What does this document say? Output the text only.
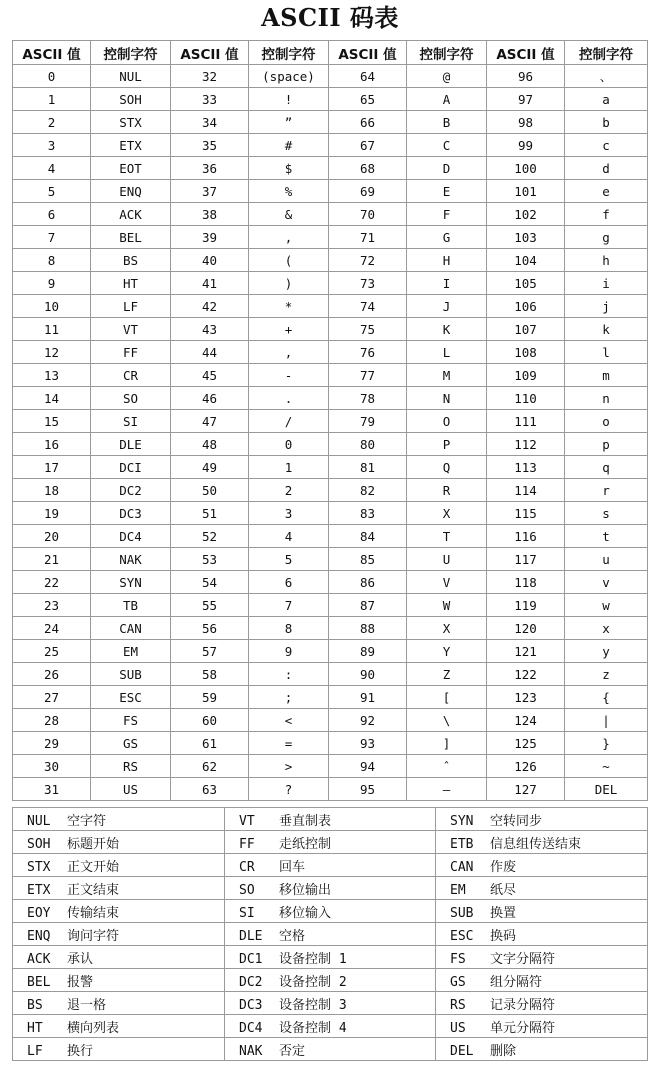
ASCII 码表
ASCII 值	控制字符	ASCII 值	控制字符	ASCII 值	控制字符	ASCII 值	控制字符
0	NUL	32	(space)	64	@	96	、
1	SOH	33	!	65	A	97	a
2	STX	34	”	66	B	98	b
3	ETX	35	#	67	C	99	c
4	EOT	36	$	68	D	100	d
5	ENQ	37	%	69	E	101	e
6	ACK	38	&	70	F	102	f
7	BEL	39	,	71	G	103	g
8	BS	40	(	72	H	104	h
9	HT	41	)	73	I	105	i
10	LF	42	*	74	J	106	j
11	VT	43	+	75	K	107	k
12	FF	44	,	76	L	108	l
13	CR	45	-	77	M	109	m
14	SO	46	.	78	N	110	n
15	SI	47	/	79	O	111	o
16	DLE	48	0	80	P	112	p
17	DCI	49	1	81	Q	113	q
18	DC2	50	2	82	R	114	r
19	DC3	51	3	83	X	115	s
20	DC4	52	4	84	T	116	t
21	NAK	53	5	85	U	117	u
22	SYN	54	6	86	V	118	v
23	TB	55	7	87	W	119	w
24	CAN	56	8	88	X	120	x
25	EM	57	9	89	Y	121	y
26	SUB	58	:	90	Z	122	z
27	ESC	59	;	91	[	123	{
28	FS	60	<	92	\	124	|
29	GS	61	=	93	]	125	}
30	RS	62	>	94	ˆ	126	~
31	US	63	?	95	—	127	DEL
NUL 空字符	VT 垂直制表	SYN 空转同步
SOH 标题开始	FF 走纸控制	ETB 信息组传送结束
STX 正文开始	CR 回车	CAN 作废
ETX 正文结束	SO 移位输出	EM 纸尽
EOY 传输结束	SI 移位输入	SUB 换置
ENQ 询问字符	DLE 空格	ESC 换码
ACK 承认	DC1 设备控制 1	FS 文字分隔符
BEL 报警	DC2 设备控制 2	GS 组分隔符
BS 退一格	DC3 设备控制 3	RS 记录分隔符
HT 横向列表	DC4 设备控制 4	US 单元分隔符
LF 换行	NAK 否定	DEL 删除
